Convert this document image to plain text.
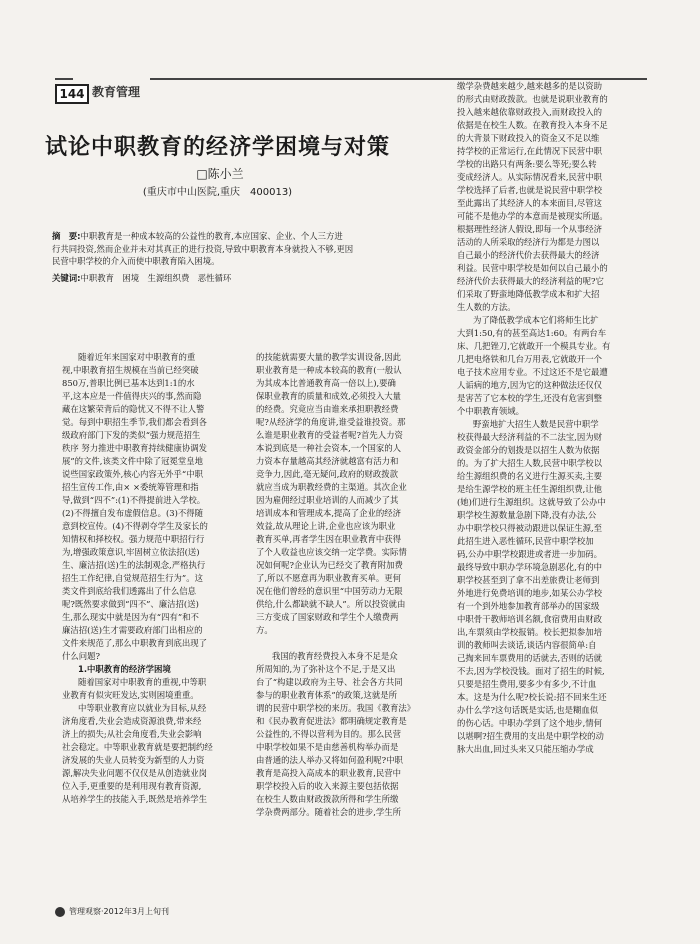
144 教育管理
试论中职教育的经济学困境与对策
□陈小兰
(重庆市中山医院,重庆　400013)
摘　要:中职教育是一种成本较高的公益性的教育,本应国家、企业、个人三方进
行共同投资,然而企业并未对其真正的进行投资,导致中职教育本身就投入不够,更因
民营中职学校的介入而使中职教育陷入困境。
关键词:中职教育　困境　生源组织费　恶性循环
随着近年来国家对中职教育的重
视,中职教育招生规模在当前已经突破
850万,普职比例已基本达到1:1的水
平,这本应是一件值得庆兴的事,然而隐
藏在这繁荣背后的隐忧又不得不让人警
觉。每到中职招生季节,我们都会看到各
级政府部门下发的类似“强力规范招生
秩序 努力推进中职教育持续健康协调发
展”的文件,该类文件中除了冠冕堂皇地
说些国家政策外,核心内容无外乎“中职
招生宣传工作,由× ×委统筹管理和指
导,做到“四不”:(1)不得提前进入学校。
(2)不得擅自发布虚假信息。(3)不得随
意到校宣传。(4)不得剥夺学生及家长的
知情权和择校权。强力规范中职招行行
为,增强政策意识,牢固树立依法招(送)
生、廉洁招(送)生的法制观念,严格执行
招生工作纪律,自觉规范招生行为”。这
类文件到底给我们透露出了什么信息
呢?既然要求做到“四不”、廉洁招(送)
生,那么现实中就是因为有“四有”和不
廉洁招(送)生才需要政府部门出相应的
文件来规范了,那么中职教育到底出现了
什么问题?
1.中职教育的经济学困境
随着国家对中职教育的重视,中等职
业教育有似灾旺发达,实则困境重重。
中等职业教育应以就业为目标,从经
济角度看,失业会造成资源浪费,带来经
济上的损失;从社会角度看,失业会影响
社会稳定。中等职业教育就是要把制约经
济发展的失业人员转变为新型的人力资
源,解决失业问题不仅仅是从创造就业岗
位入手,更重要的是利用现有教育资源,
从培养学生的技能入手,既然是培养学生
的技能就需要大量的教学实训设备,因此
职业教育是一种成本较高的教育(一般认
为其成本比普通教育高一倍以上),要确
保职业教育的质量和成效,必须投入大量
的经费。究竟应当由谁来承担职教经费
呢?从经济学的角度讲,谁受益谁投资。那
么谁是职业教育的受益者呢?首先人力资
本说到底是一种社会资本,一个国家的人
力资本存量越高其经济就越富有活力和
竞争力,因此,毫无疑问,政府的财政拨款
就应当成为职教经费的主渠道。其次企业
因为雇佣经过职业培训的人而减少了其
培训成本和管理成本,提高了企业的经济
效益,故从理论上讲,企业也应该为职业
教育买单,再者学生因在职业教育中获得
了个人收益也应该交纳一定学费。实际情
况如何呢?企业认为已经交了教育附加费
了,所以不愿意再为职业教育买单。更何
况在他们曾经的意识里“中国劳动力无限
供给,什么都缺就不缺人”。所以投资就由
三方变成了国家财政和学生个人缴费两
方。
我国的教育经费投入本身不足是众
所周知的,为了弥补这个不足,于是又出
台了“构建以政府为主导、社会各方共同
参与的职业教育体系”的政策,这就是所
谓的民营中职学校的来历。我国《教育法》
和《民办教育促进法》都明确规定教育是
公益性的,不得以营利为目的。那么民营
中职学校如果不是由慈善机构举办而是
由普通的法人举办又将如何盈利呢?中职
教育是高投入高成本的职业教育,民营中
职学校投入后的收入来源主要包括依据
在校生人数由财政拨款所得和学生所缴
学杂费两部分。随着社会的进步,学生所
缴学杂费越来越少,越来越多的是以资助
的形式由财政拨款。也就是说职业教育的
投入越来越依靠财政投入,而财政投入的
依据是在校生人数。在教育投入本身不足
的大背景下财政投入的资金又不足以维
持学校的正常运行,在此情况下民营中职
学校的出路只有两条:要么等死;要么转
变成经济人。从实际情况看来,民营中职
学校选择了后者,也就是说民营中职学校
至此露出了其经济人的本来面目,尽管这
可能不是他办学的本意而是被现实所逼。
根据理性经济人假设,即每一个从事经济
活动的人所采取的经济行为都是力图以
自己最小的经济代价去获得最大的经济
利益。民营中职学校是如何以自己最小的
经济代价去获得最大的经济利益的呢?它
们采取了野蛮地降低教学成本和扩大招
生人数的方法。
为了降低教学成本它们将师生比扩
大到1:50,有的甚至高达1:60。有两台车
床、几把锉刀,它就敢开一个模具专业。有
几把电烙铁和几台万用表,它就敢开一个
电子技术应用专业。不过这还不是它最遭
人诟病的地方,因为它的这种做法还仅仅
是害苦了它本校的学生,还没有危害到整
个中职教育领域。
野蛮地扩大招生人数是民营中职学
校获得最大经济利益的不二法宝,因为财
政资金部分的划拨是以招生人数为依据
的。为了扩大招生人数,民营中职学校以
给生源组织费的名义进行生源买卖,主要
是给生源学校的班主任生源组织费,让他
(她)们进行生源组织。这就导致了公办中
职学校生源数量急剧下降,没有办法,公
办中职学校只得被动跟进以保证生源,至
此招生进入恶性循环,民营中职学校加
码,公办中职学校跟进或者进一步加码。
最终导致中职办学环境急剧恶化,有的中
职学校甚至到了拿不出差旅费让老师到
外地进行免费培训的地步,如某公办学校
有一个到外地参加教育部举办的国家级
中职骨干教师培训名额,食宿费用由财政
出,车票须由学校报销。校长把拟参加培
训的教师叫去谈话,谈话内容很简单:自
己掏来回车票费用的话就去,否则的话就
不去,因为学校没钱。面对了招生的时候,
只要是招生费用,要多少有多少,不计血
本。这是为什么呢?校长说:招不回来生还
办什么学?这句话既是实话,也是糊血似
的伤心话。中职办学到了这个地步,情何
以堪啊?招生费用的支出是中职学校的动
脉大出血,回过头来又只能压缩办学成
管理观察·2012年3月上旬刊
